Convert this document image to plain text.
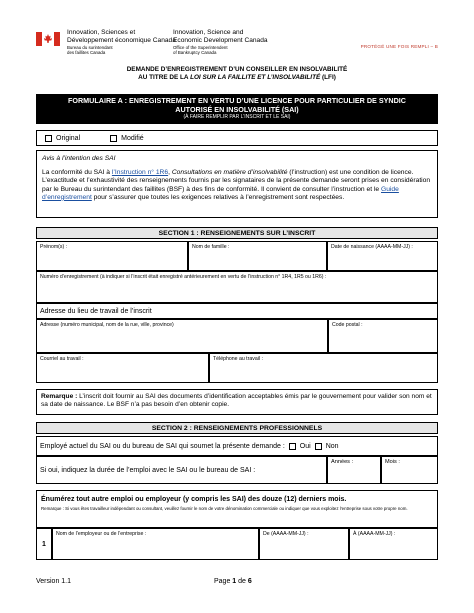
Innovation, Sciences et
Développement économique Canada
Bureau du surintendant
des faillites Canada
Innovation, Science and
Economic Development Canada
Office of the Superintendent
of Bankruptcy Canada
PROTÉGÉ UNE FOIS REMPLI – B
DEMANDE D’ENREGISTREMENT D’UN CONSEILLER EN INSOLVABILITÉ
AU TITRE DE LA LOI SUR LA FAILLITE ET L’INSOLVABILITÉ (LFI)
FORMULAIRE A : ENREGISTREMENT EN VERTU D’UNE LICENCE POUR PARTICULIER DE SYNDIC
AUTORISÉ EN INSOLVABILITÉ (SAI)
(À FAIRE REMPLIR PAR L’INSCRIT ET LE SAI)
Original	Modifié
Avis à l’intention des SAI
La conformité du SAI à l’Instruction n° 1R6, Consultations en matière d’insolvabilité (l’instruction) est une condition de licence. L’exactitude et l’exhaustivité des renseignements fournis par les signataires de la présente demande seront prises en considération par le Bureau du surintendant des faillites (BSF) à des fins de conformité. Il convient de consulter l’instruction et le Guide d’enregistrement pour s’assurer que toutes les exigences relatives à l’enregistrement sont respectées.
SECTION 1 : RENSEIGNEMENTS SUR L’INSCRIT
Prénom(s) :	Nom de famille :	Date de naissance (AAAA-MM-JJ) :
Numéro d’enregistrement (à indiquer si l’inscrit était enregistré antérieurement en vertu de l’instruction n° 1R4, 1R5 ou 1R6) :
Adresse du lieu de travail de l’inscrit
Adresse (numéro municipal, nom de la rue, ville, province)	Code postal :
Courriel au travail :	Téléphone au travail :
Remarque : L’inscrit doit fournir au SAI des documents d’identification acceptables émis par le gouvernement pour valider son nom et sa date de naissance. Le BSF n’a pas besoin d’en obtenir copie.
SECTION 2 : RENSEIGNEMENTS PROFESSIONNELS
Employé actuel du SAI ou du bureau de SAI qui soumet la présente demande : Oui Non
Si oui, indiquez la durée de l’emploi avec le SAI ou le bureau de SAI :
Années :	Mois :
Énumérez tout autre emploi ou employeur (y compris les SAI) des douze (12) derniers mois.
Remarque : Si vous êtes travailleur indépendant ou consultant, veuillez fournir le nom de votre dénomination commerciale ou indiquer que vous exploitez l’entreprise sous votre propre nom.
1
Nom de l’employeur ou de l’entreprise :	De (AAAA-MM-JJ) :	À (AAAA-MM-JJ) :
Version 1.1	Page 1 de 6
